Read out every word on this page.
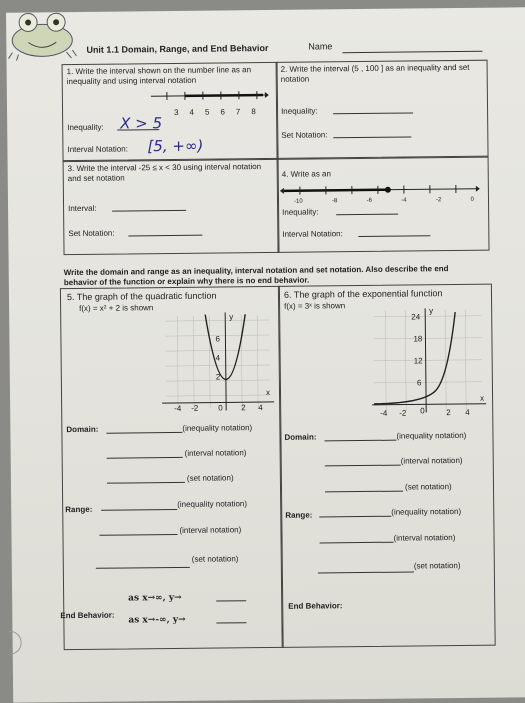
Unit 1.1 Domain, Range, and End Behavior	Name
1. Write the interval shown on the number line as an inequality and using interval notation
3 4 5 6 7 8
Inequality: X > 5
Interval Notation: [5, +∞)
2. Write the interval (5 , 100 ] as an inequality and set notation
Inequality:
Set Notation:
3. Write the interval -25 ≤ x < 30 using interval notation and set notation
Interval:
Set Notation:
4. Write as an
-10	-8	-6	-4	-2	0
Inequality:
Interval Notation:
Write the domain and range as an inequality, interval notation and set notation. Also describe the end behavior of the function or explain why there is no end behavior.
5. The graph of the quadratic function
f(x) = x² + 2 is shown
y
x
6
4
2
-4 -2 0 2 4
Domain:	(inequality notation)
(interval notation)
(set notation)
Range:
(inequality notation)
(interval notation)
(set notation)
End Behavior:
as x→∞, y→
as x→-∞, y→
6. The graph of the exponential function
f(x) = 3ˣ is shown	y
x
24
18
12
6
-4 -2 0	2 4
Domain:	(inequality notation)
(interval notation)
(set notation)
Range:	(inequality notation)
(interval notation)
(set notation)
End Behavior:
